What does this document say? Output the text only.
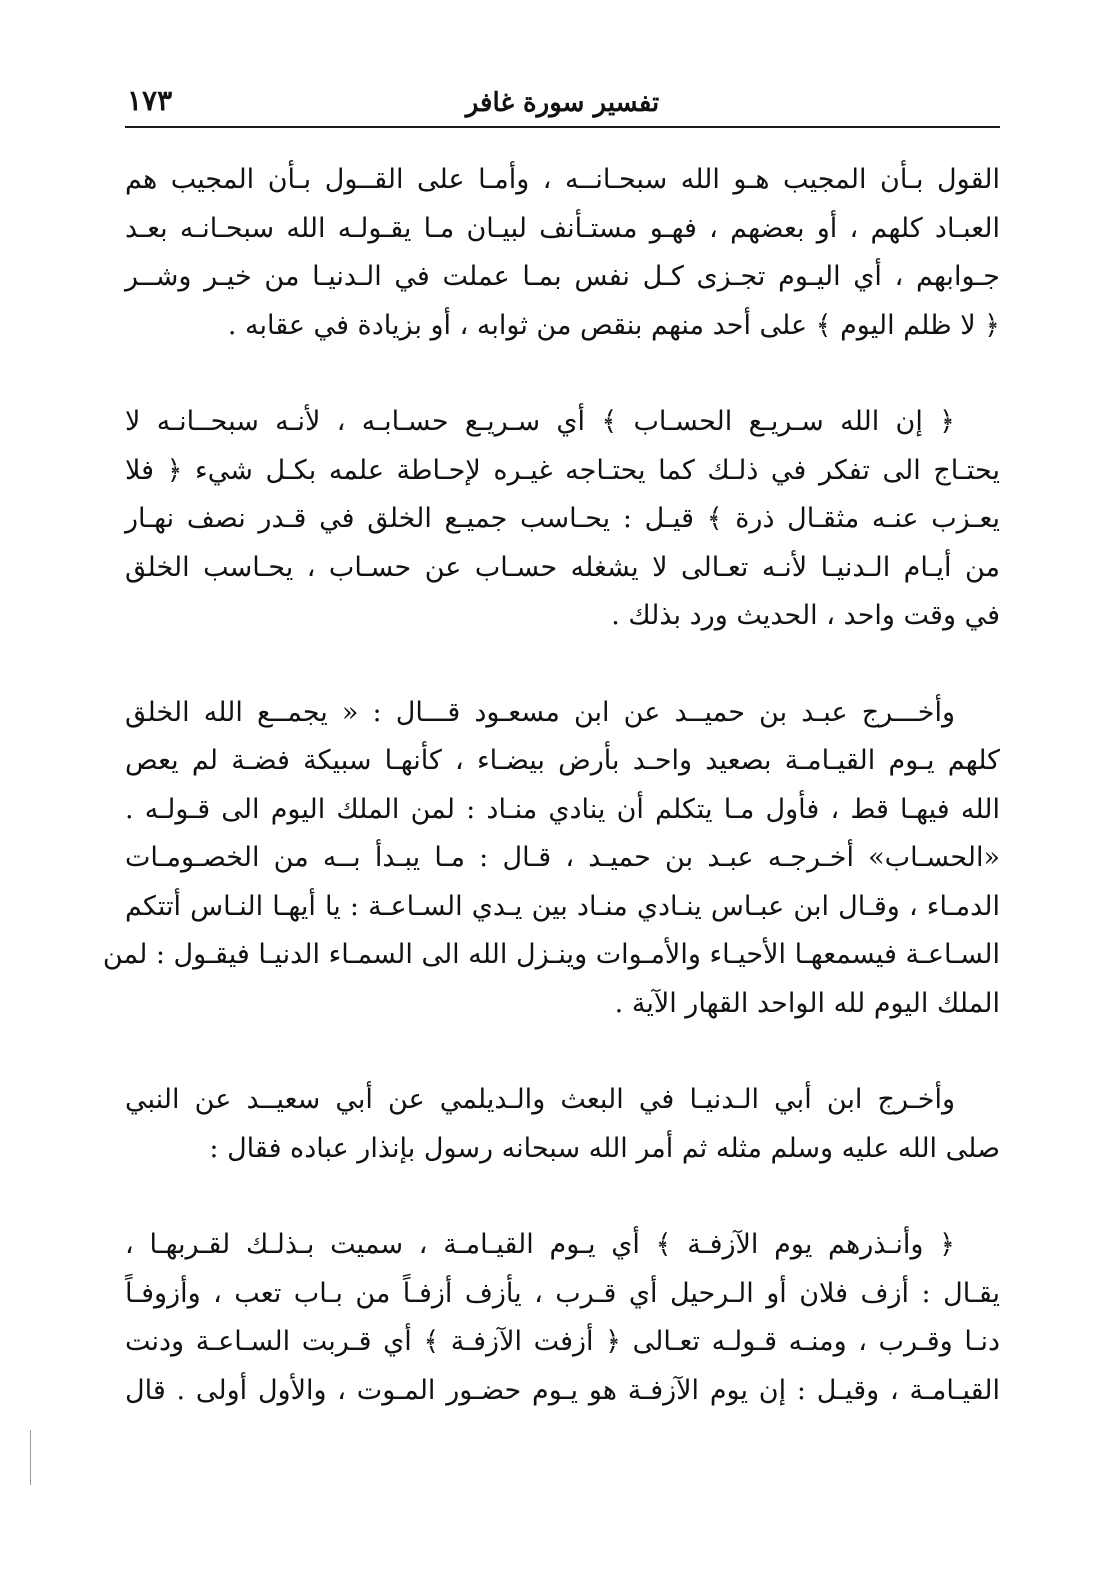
تفسير سورة غافر
١٧٣
القول بـأن المجيب هـو الله سبحـانــه ، وأمـا على القــول بـأن المجيب هم
العبـاد كلهم ، أو بعضهم ، فهـو مستـأنف لبيـان مـا يقـولـه الله سبحـانـه بعـد
جـوابهم ، أي اليـوم تجـزى كـل نفس بمـا عملت في الـدنيـا من خيـر وشــر
﴿ لا ظلم اليوم ﴾ على أحد منهم بنقص من ثوابه ، أو بزيادة في عقابه .
﴿ إن الله سـريـع الحسـاب ﴾ أي سـريـع حسـابـه ، لأنـه سبحــانـه لا
يحتـاج الى تفكر في ذلـك كما يحتـاجه غيـره لإحـاطة علمه بكـل شيء ﴿ فلا
يعـزب عنـه مثقـال ذرة ﴾ قيـل : يحـاسب جميـع الخلق في قـدر نصف نهـار
من أيـام الـدنيـا لأنـه تعـالى لا يشغله حسـاب عن حسـاب ، يحـاسب الخلق
في وقت واحد ، الحديث ورد بذلك .
وأخـــرج عبـد بن حميــد عن ابن مسعـود قـــال : « يجمــع الله الخلق
كلهم يـوم القيـامـة بصعيد واحـد بأرض بيضـاء ، كأنهـا سبيكة فضـة لم يعص
الله فيهـا قط ، فأول مـا يتكلم أن ينادي منـاد : لمن الملك اليوم الى قـولـه .
«الحسـاب» أخـرجـه عبـد بن حميـد ، قـال : مـا يبـدأ بــه من الخصـومـات
الدمـاء ، وقـال ابن عبـاس ينـادي منـاد بين يـدي السـاعـة : يا أيهـا النـاس أتتكم
السـاعـة فيسمعهـا الأحيـاء والأمـوات وينـزل الله الى السمـاء الدنيـا فيقـول : لمن
الملك اليوم لله الواحد القهار الآية .
وأخـرج ابن أبي الـدنيـا في البعث والـديلمي عن أبي سعيــد عن النبي
صلى الله عليه وسلم مثله ثم أمر الله سبحانه رسول بإنذار عباده فقال :
﴿ وأنـذرهم يوم الآزفـة ﴾ أي يـوم القيـامـة ، سميت بـذلـك لقـربهـا ،
يقـال : أزف فلان أو الـرحيل أي قـرب ، يأزف أزفـاً من بـاب تعب ، وأزوفـاً
دنـا وقـرب ، ومنـه قـولـه تعـالى ﴿ أزفت الآزفـة ﴾ أي قـربت السـاعـة ودنت
القيـامـة ، وقيـل : إن يوم الآزفـة هو يـوم حضـور المـوت ، والأول أولى . قال
